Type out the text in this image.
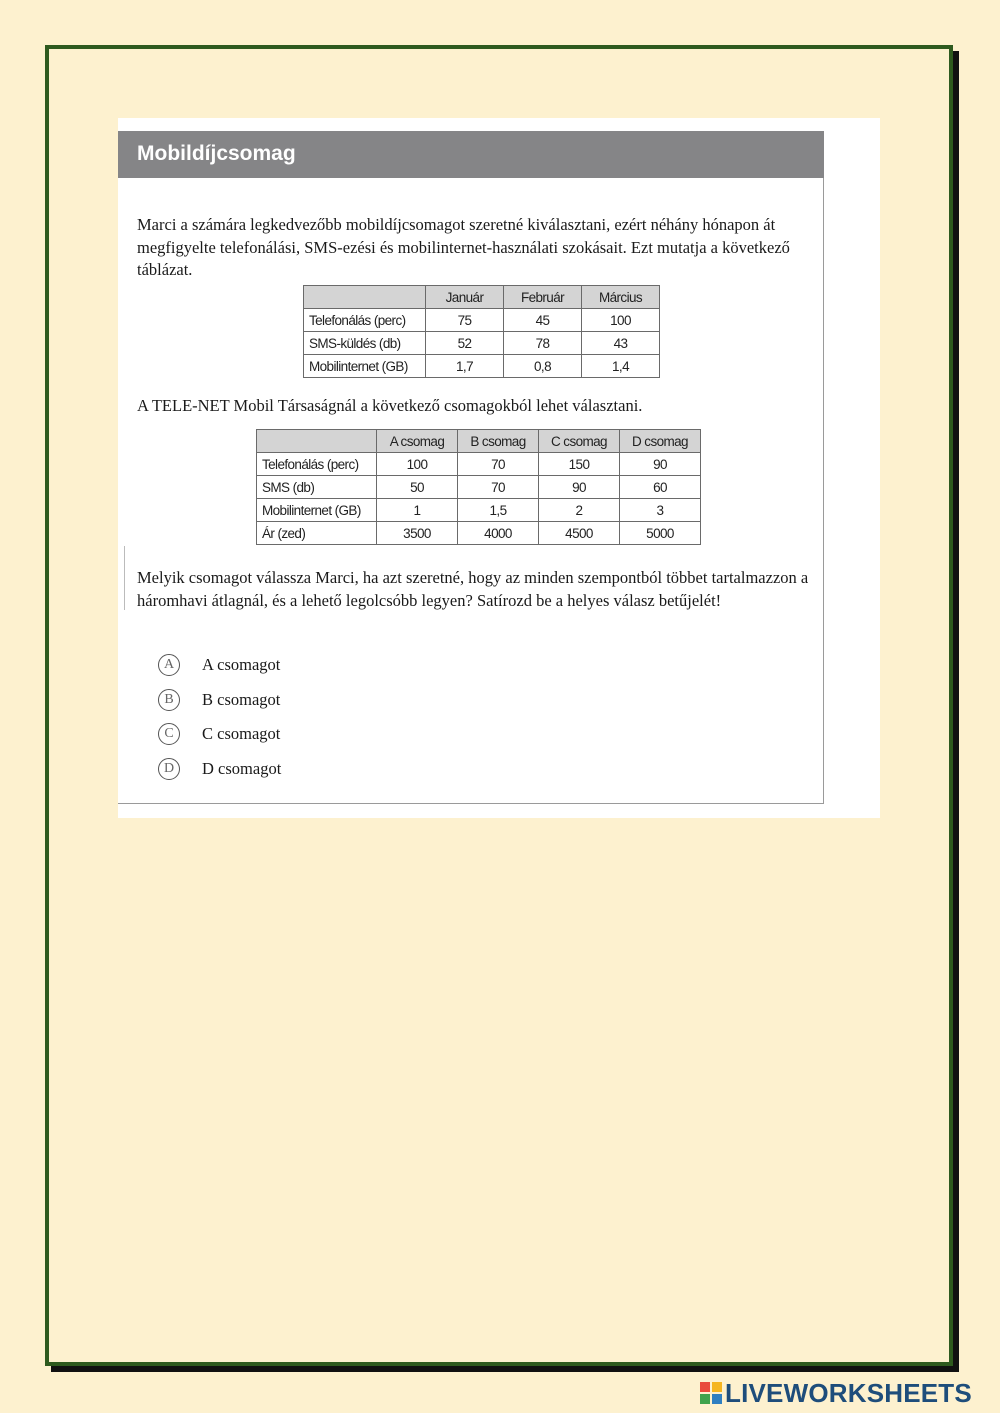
Mobildíjcsomag

Marci a számára legkedvezőbb mobildíjcsomagot szeretné kiválasztani, ezért néhány hónapon át megfigyelte telefonálási, SMS-ezési és mobilinternet-használati szokásait. Ezt mutatja a következő táblázat.

	Január	Február	Március
Telefonálás (perc)	75	45	100
SMS-küldés (db)	52	78	43
Mobilinternet (GB)	1,7	0,8	1,4

A TELE-NET Mobil Társaságnál a következő csomagokból lehet választani.

	A csomag	B csomag	C csomag	D csomag
Telefonálás (perc)	100	70	150	90
SMS (db)	50	70	90	60
Mobilinternet (GB)	1	1,5	2	3
Ár (zed)	3500	4000	4500	5000

Melyik csomagot válassza Marci, ha azt szeretné, hogy az minden szempontból többet tartalmazzon a háromhavi átlagnál, és a lehető legolcsóbb legyen? Satírozd be a helyes válasz betűjelét!

A	A csomagot
B	B csomagot
C	C csomagot
D	D csomagot
LIVEWORKSHEETS
